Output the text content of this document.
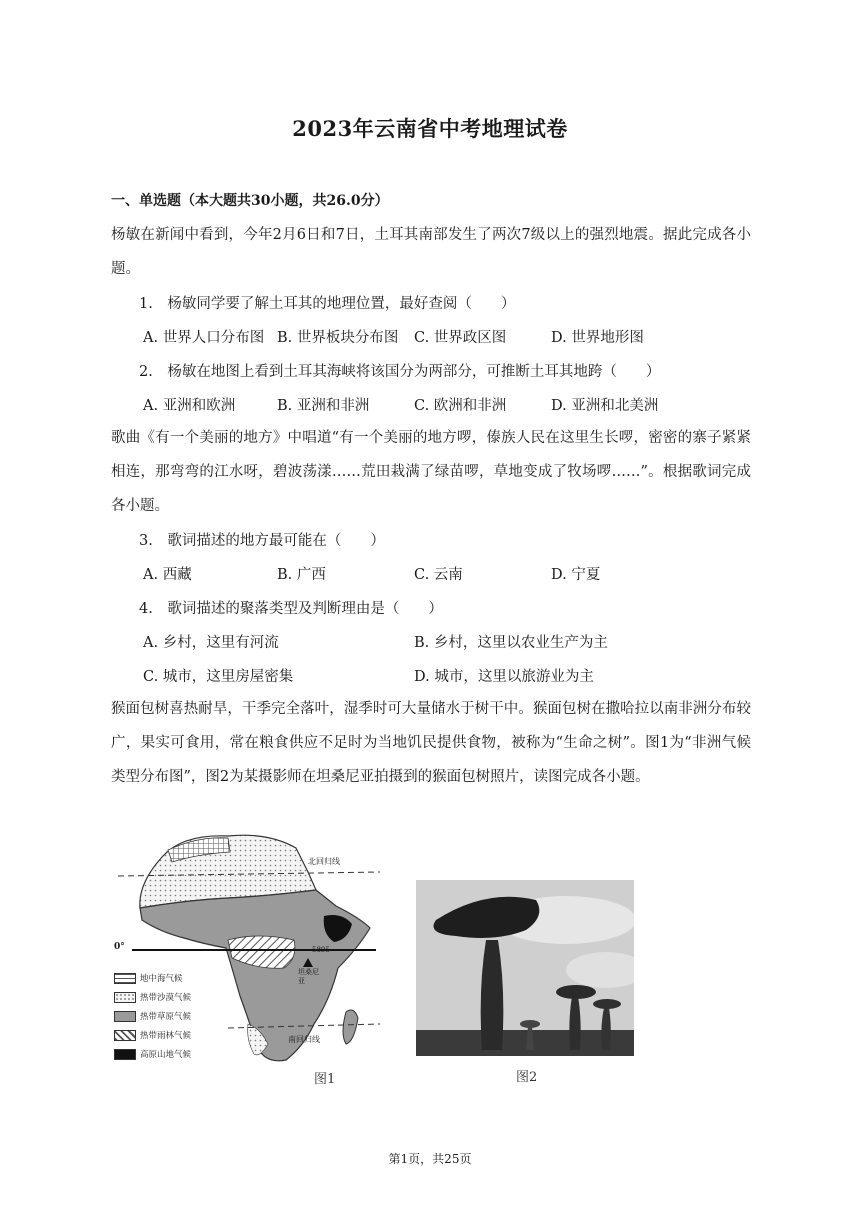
2023年云南省中考地理试卷
一、单选题（本大题共30小题，共26.0分）
杨敏在新闻中看到，今年2月6日和7日，土耳其南部发生了两次7级以上的强烈地震。据此完成各小题。
1.　杨敏同学要了解土耳其的地理位置，最好查阅（　　）
A. 世界人口分布图 B. 世界板块分布图 C. 世界政区图	D. 世界地形图
2.　杨敏在地图上看到土耳其海峡将该国分为两部分，可推断土耳其地跨（　　）
A. 亚洲和欧洲	B. 亚洲和非洲	C. 欧洲和非洲	D. 亚洲和北美洲
歌曲《有一个美丽的地方》中唱道“有一个美丽的地方啰，傣族人民在这里生长啰，密密的寨子紧紧相连，那弯弯的江水呀，碧波荡漾……荒田栽满了绿苗啰，草地变成了牧场啰……”。根据歌词完成各小题。
3.　歌词描述的地方最可能在（　　）
A. 西藏	B. 广西	C. 云南	D. 宁夏
4.　歌词描述的聚落类型及判断理由是（　　）
A. 乡村，这里有河流	B. 乡村，这里以农业生产为主
C. 城市，这里房屋密集	D. 城市，这里以旅游业为主
猴面包树喜热耐旱，干季完全落叶，湿季时可大量储水于树干中。猴面包树在撒哈拉以南非洲分布较广，果实可食用，常在粮食供应不足时为当地饥民提供食物，被称为“生命之树”。图1为“非洲气候类型分布图”，图2为某摄影师在坦桑尼亚拍摄到的猴面包树照片，读图完成各小题。
北回归线
南回归线
0°	5895
坦桑尼亚
地中海气候
热带沙漠气候
热带草原气候
热带雨林气候
高原山地气候
图1	图2
第1页，共25页
